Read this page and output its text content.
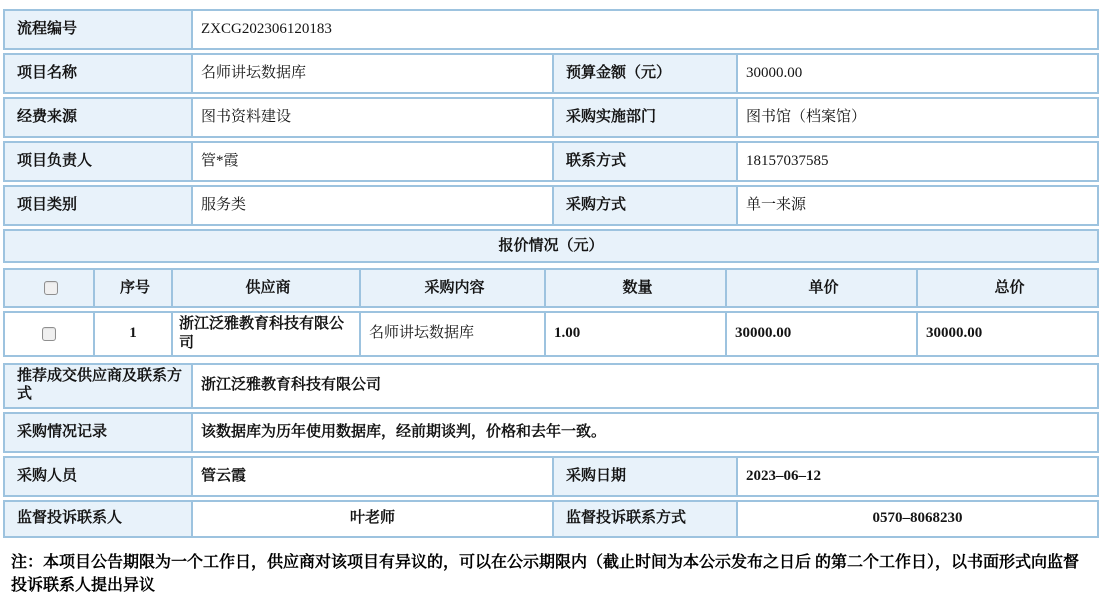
流程编号	ZXCG202306120183		
项目名称	名师讲坛数据库	预算金额（元）	30000.00
经费来源	图书资料建设	采购实施部门	图书馆（档案馆）
项目负责人	管*霞	联系方式	18157037585
项目类别	服务类	采购方式	单一来源
报价情况（元）			
	序号	供应商	采购内容	数量	单价	总价

	1	浙江泛雅教育科技有限公司	名师讲坛数据库	1.00	30000.00	30000.00
推荐成交供应商及联系方式	浙江泛雅教育科技有限公司		
采购情况记录	该数据库为历年使用数据库，经前期谈判，价格和去年一致。		
采购人员	管云霞	采购日期	2023–06–12
监督投诉联系人	叶老师	监督投诉联系方式	0570–8068230
注：本项目公告期限为一个工作日，供应商对该项目有异议的，可以在公示期限内（截止时间为本公示发布之日后 的第二个工作日），以书面形式向监督投诉联系人提出异议
